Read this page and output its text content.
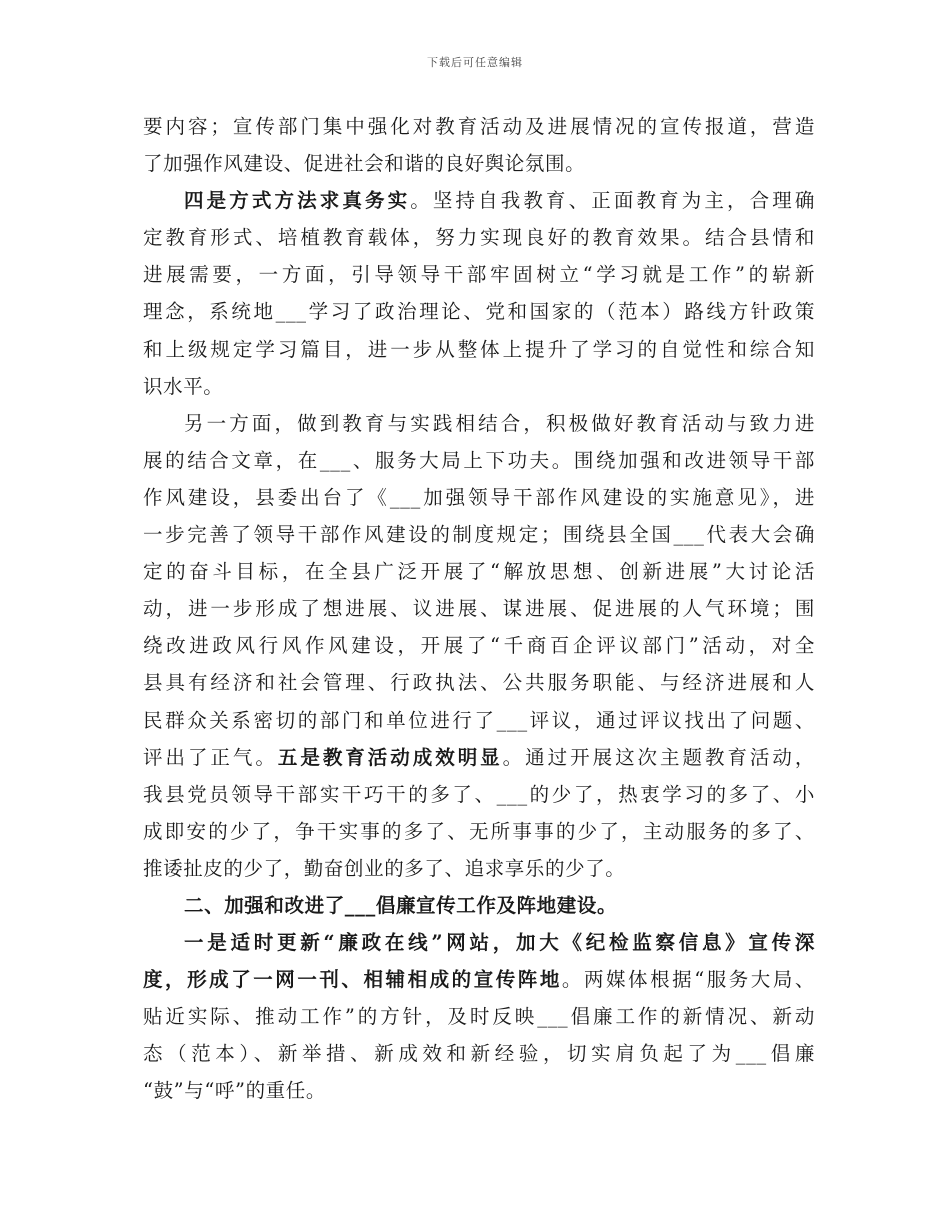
下载后可任意编辑
要内容；宣传部门集中强化对教育活动及进展情况的宣传报道，营造
了加强作风建设、促进社会和谐的良好舆论氛围。
四是方式方法求真务实。坚持自我教育、正面教育为主，合理确
定教育形式、培植教育载体，努力实现良好的教育效果。结合县情和
进展需要，一方面，引导领导干部牢固树立“学习就是工作”的崭新
理念，系统地___学习了政治理论、党和国家的（范本）路线方针政策
和上级规定学习篇目，进一步从整体上提升了学习的自觉性和综合知
识水平。
另一方面，做到教育与实践相结合，积极做好教育活动与致力进
展的结合文章，在___、服务大局上下功夫。围绕加强和改进领导干部
作风建设，县委出台了《___加强领导干部作风建设的实施意见》，进
一步完善了领导干部作风建设的制度规定；围绕县全国___代表大会确
定的奋斗目标，在全县广泛开展了“解放思想、创新进展”大讨论活
动，进一步形成了想进展、议进展、谋进展、促进展的人气环境；围
绕改进政风行风作风建设，开展了“千商百企评议部门”活动，对全
县具有经济和社会管理、行政执法、公共服务职能、与经济进展和人
民群众关系密切的部门和单位进行了___评议，通过评议找出了问题、
评出了正气。五是教育活动成效明显。通过开展这次主题教育活动，
我县党员领导干部实干巧干的多了、___的少了，热衷学习的多了、小
成即安的少了，争干实事的多了、无所事事的少了，主动服务的多了、
推诿扯皮的少了，勤奋创业的多了、追求享乐的少了。
二、加强和改进了___倡廉宣传工作及阵地建设。
一是适时更新“廉政在线”网站，加大《纪检监察信息》宣传深
度，形成了一网一刊、相辅相成的宣传阵地。两媒体根据“服务大局、
贴近实际、推动工作”的方针，及时反映___倡廉工作的新情况、新动
态（范本）、新举措、新成效和新经验，切实肩负起了为___倡廉
“鼓”与“呼”的重任。
